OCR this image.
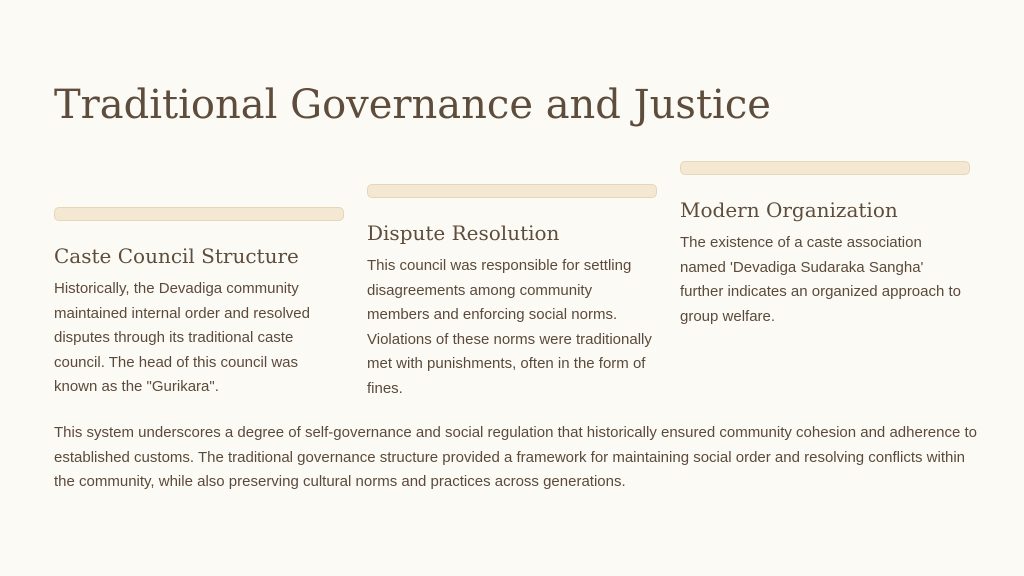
Traditional Governance and Justice
Caste Council Structure

Historically, the Devadiga community maintained internal order and resolved disputes through its traditional caste council. The head of this council was known as the "Gurikara".

Dispute Resolution

This council was responsible for settling disagreements among community members and enforcing social norms. Violations of these norms were traditionally met with punishments, often in the form of fines.

Modern Organization

The existence of a caste association named 'Devadiga Sudaraka Sangha' further indicates an organized approach to group welfare.

This system underscores a degree of self-governance and social regulation that historically ensured community cohesion and adherence to established customs. The traditional governance structure provided a framework for maintaining social order and resolving conflicts within the community, while also preserving cultural norms and practices across generations.
